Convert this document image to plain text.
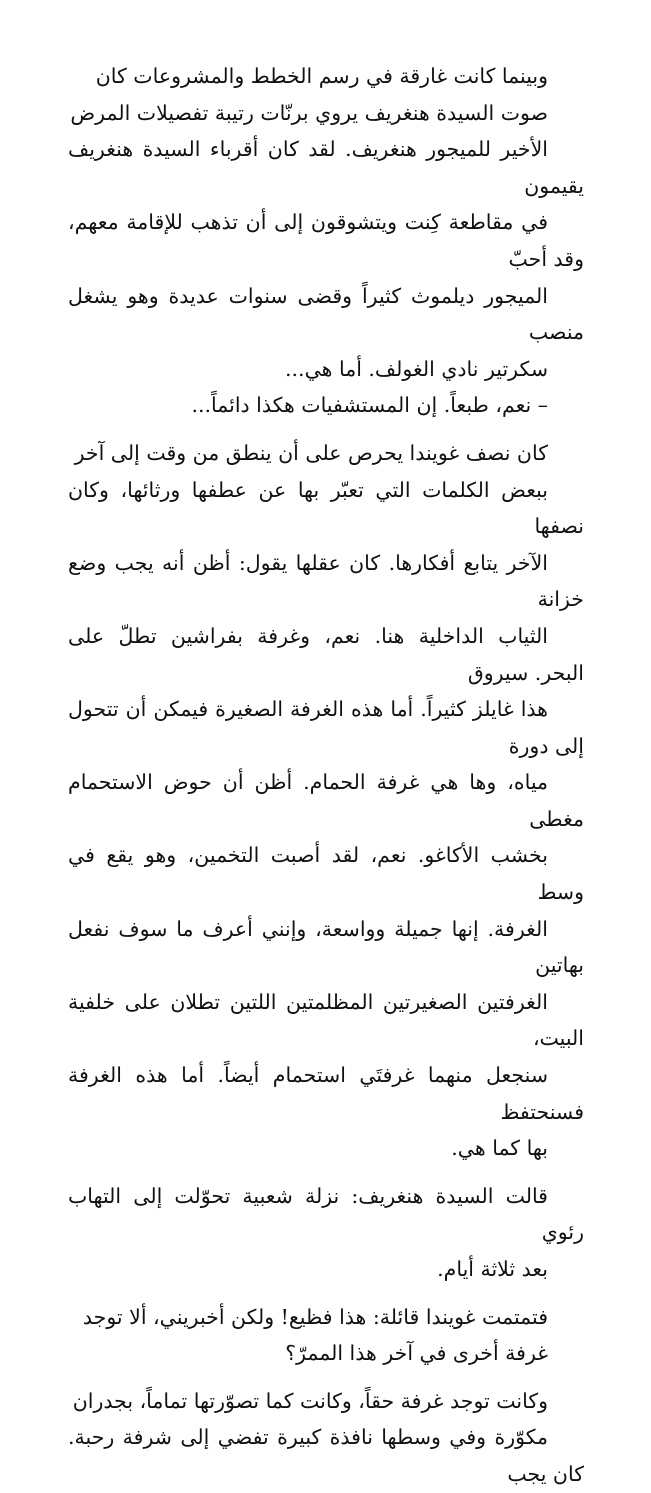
وبينما كانت غارقة في رسم الخطط والمشروعات كان
صوت السيدة هنغريف يروي برنّات رتيبة تفصيلات المرض
الأخير للميجور هنغريف. لقد كان أقرباء السيدة هنغريف يقيمون
في مقاطعة كِنت ويتشوقون إلى أن تذهب للإقامة معهم، وقد أحبّ
الميجور ديلموث كثيراً وقضى سنوات عديدة وهو يشغل منصب
سكرتير نادي الغولف. أما هي...

– نعم، طبعاً. إن المستشفيات هكذا دائماً...

كان نصف غويندا يحرص على أن ينطق من وقت إلى آخر
ببعض الكلمات التي تعبّر بها عن عطفها ورثائها، وكان نصفها
الآخر يتابع أفكارها. كان عقلها يقول: أظن أنه يجب وضع خزانة
الثياب الداخلية هنا. نعم، وغرفة بفراشين تطلّ على البحر. سيروق
هذا غايلز كثيراً. أما هذه الغرفة الصغيرة فيمكن أن تتحول إلى دورة
مياه، وها هي غرفة الحمام. أظن أن حوض الاستحمام مغطى
بخشب الأكاغو. نعم، لقد أصبت التخمين، وهو يقع في وسط
الغرفة. إنها جميلة وواسعة، وإنني أعرف ما سوف نفعل بهاتين
الغرفتين الصغيرتين المظلمتين اللتين تطلان على خلفية البيت،
سنجعل منهما غرفتَي استحمام أيضاً. أما هذه الغرفة فسنحتفظ
بها كما هي.

قالت السيدة هنغريف: نزلة شعبية تحوّلت إلى التهاب رئوي
بعد ثلاثة أيام.

فتمتمت غويندا قائلة: هذا فظيع! ولكن أخبريني، ألا توجد
غرفة أخرى في آخر هذا الممرّ؟

وكانت توجد غرفة حقاً، وكانت كما تصوّرتها تماماً، بجدران
مكوّرة وفي وسطها نافذة كبيرة تفضي إلى شرفة رحبة. كان يجب
